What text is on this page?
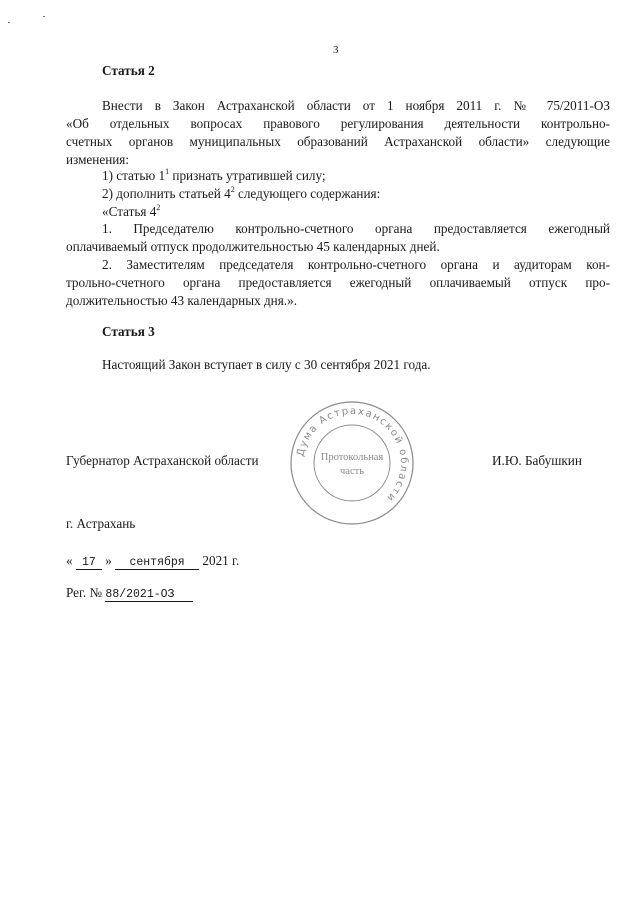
3
Статья 2
Внести в Закон Астраханской области от 1 ноября 2011 г. № 75/2011-ОЗ
«Об отдельных вопросах правового регулирования деятельности контрольно-
счетных органов муниципальных образований Астраханской области» следующие
изменения:
1) статью $1^1$ признать утратившей силу;
2) дополнить статьей $4^2$ следующего содержания:
«Статья $4^2$
1. Председателю контрольно-счетного органа предоставляется ежегодный
оплачиваемый отпуск продолжительностью 45 календарных дней.
2. Заместителям председателя контрольно-счетного органа и аудиторам кон-
трольно-счетного органа предоставляется ежегодный оплачиваемый отпуск про-
должительностью 43 календарных дня.».
Статья 3
Настоящий Закон вступает в силу с 30 сентября 2021 года.
Губернатор Астраханской области	И.Ю. Бабушкин
Дума Астраханской области
Протокольная
часть
г. Астрахань
« 17 » сентября 2021 г.
Рег. № 88/2021-ОЗ
